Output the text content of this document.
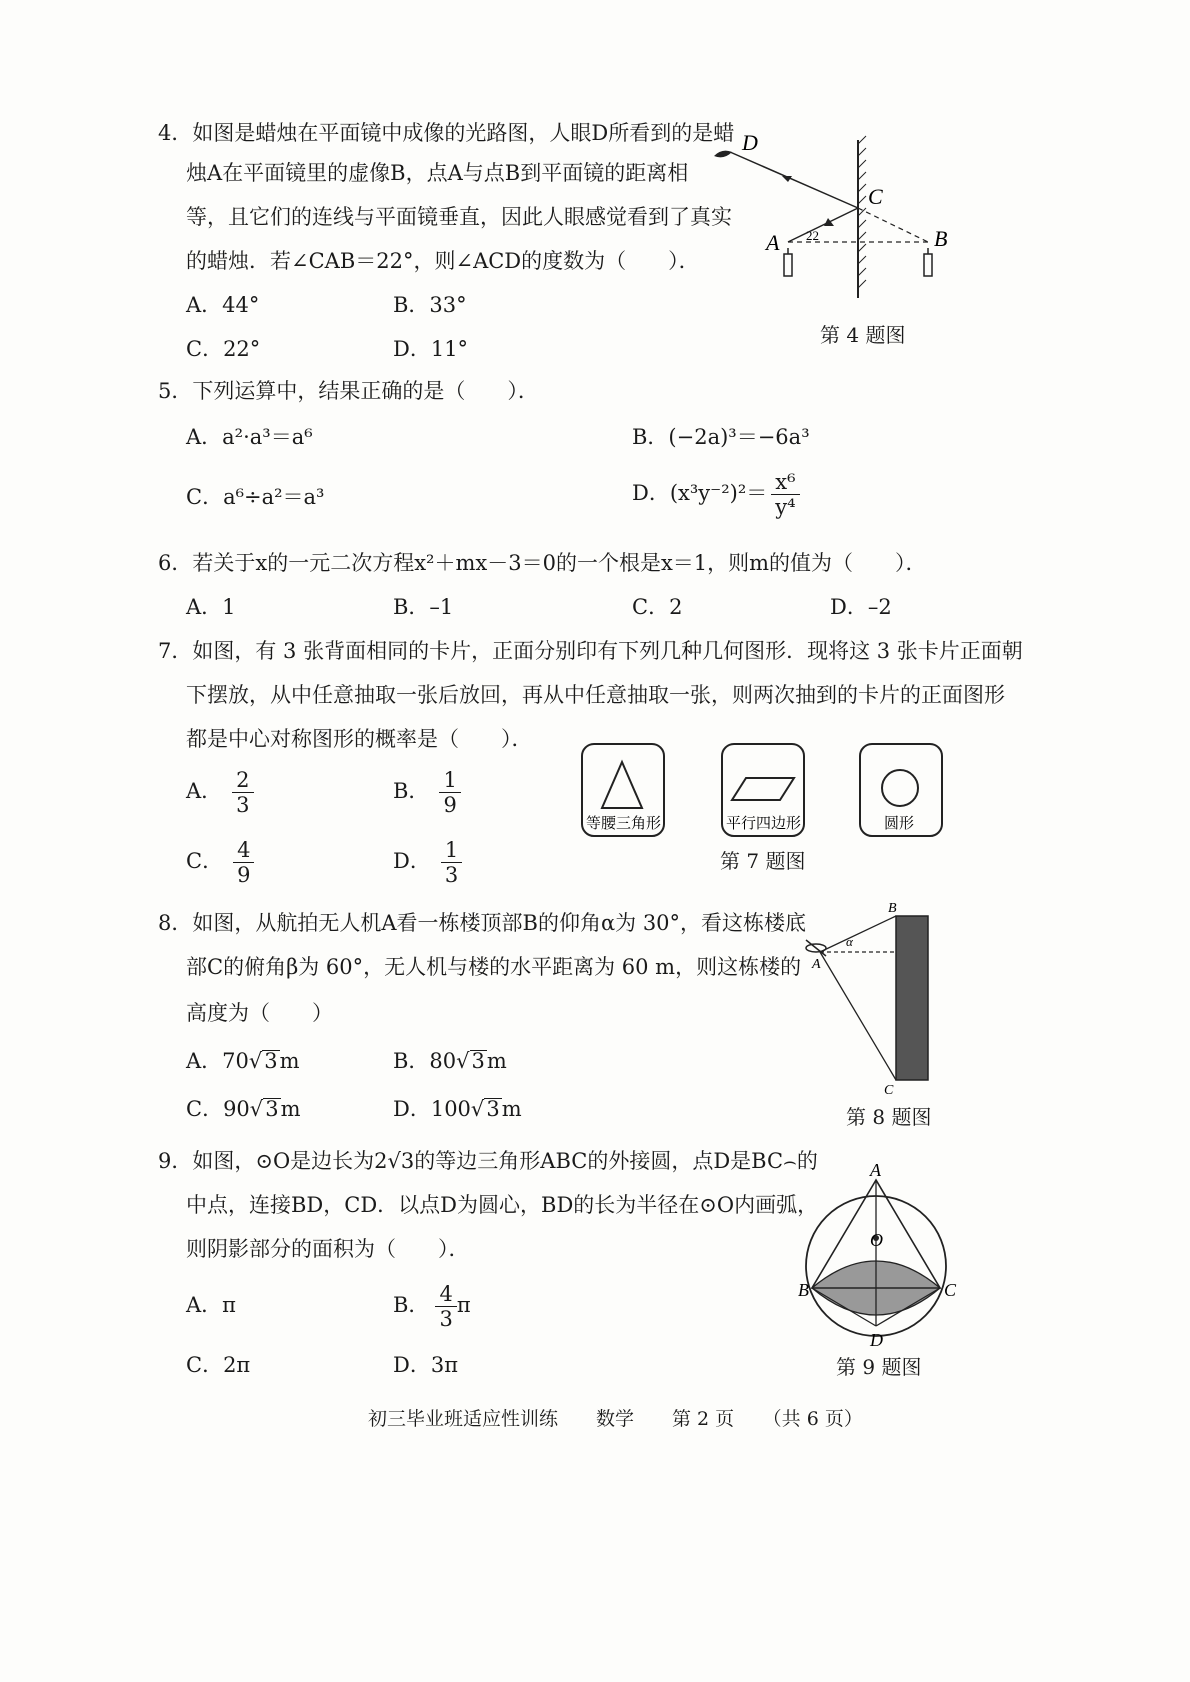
4．如图是蜡烛在平面镜中成像的光路图，人眼D所看到的是蜡
烛A在平面镜里的虚像B，点A与点B到平面镜的距离相
等，且它们的连线与平面镜垂直，因此人眼感觉看到了真实
的蜡烛．若∠CAB＝22°，则∠ACD的度数为（　　）．
A．44°	B．33°
C．22°	D．11°
D
C
A	B
22
第 4 题图
5．下列运算中，结果正确的是（　　）．
A．a²·a³＝a⁶	B．(−2a)³＝−6a³
C．a⁶÷a²＝a³	D．$(x^3y^{-2})^2= \frac{\text{x⁶}}{\text{y⁴}}$
6．若关于x的一元二次方程x²＋mx－3＝0的一个根是x＝1，则m的值为（　　）．
A．1	B．–1	C．2	D．–2
7．如图，有 3 张背面相同的卡片，正面分别印有下列几种几何图形．现将这 3 张卡片正面朝
下摆放，从中任意抽取一张后放回，再从中任意抽取一张，则两次抽到的卡片的正面图形
都是中心对称图形的概率是（　　）．
A． $\frac{2}{3}$	B． $\frac{1}{9}$
C． $\frac{4}{9}$	D． $\frac{1}{3}$
等腰三角形	平行四边形	圆形
第 7 题图
8．如图，从航拍无人机A看一栋楼顶部B的仰角α为 30°，看这栋楼底
部C的俯角β为 60°，无人机与楼的水平距离为 60 m，则这栋楼的
高度为（　　）
A．70√3m	B．80√3m
C．90√3m	D．100√3m
B
A
C
α
第 8 题图
9．如图，⊙O是边长为2√3的等边三角形ABC的外接圆，点D是BC⌢的
中点，连接BD，CD．以点D为圆心，BD的长为半径在⊙O内画弧，
则阴影部分的面积为（　　）．
A．π	B． $\frac{4}{3}$ π
C．2π	D．3π
A
O
B	C
D
第 9 题图
初三毕业班适应性训练　　数学　　第 2 页　　（共 6 页）
